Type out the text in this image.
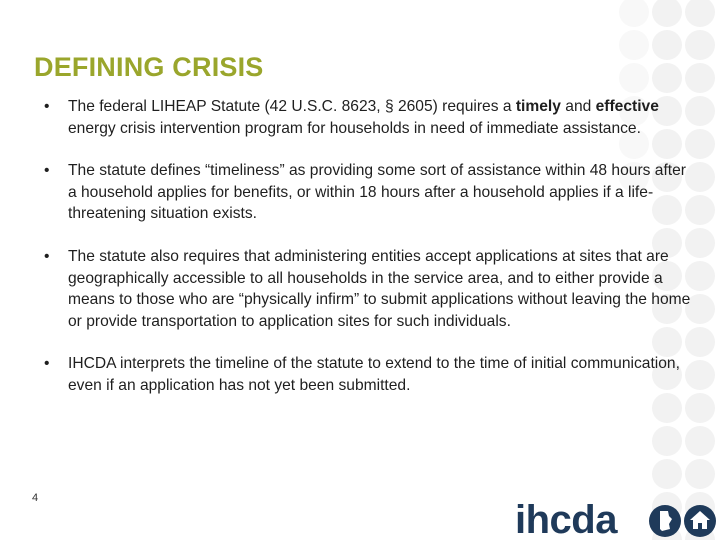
DEFINING CRISIS
• The federal LIHEAP Statute (42 U.S.C. 8623, § 2605) requires a timely and effective energy crisis intervention program for households in need of immediate assistance.
• The statute defines “timeliness” as providing some sort of assistance within 48 hours after a household applies for benefits, or within 18 hours after a household applies if a life-threatening situation exists.
• The statute also requires that administering entities accept applications at sites that are geographically accessible to all households in the service area, and to either provide a means to those who are “physically infirm” to submit applications without leaving the home or provide transportation to application sites for such individuals.
• IHCDA interprets the timeline of the statute to extend to the time of initial communication, even if an application has not yet been submitted.
4	ihcda
